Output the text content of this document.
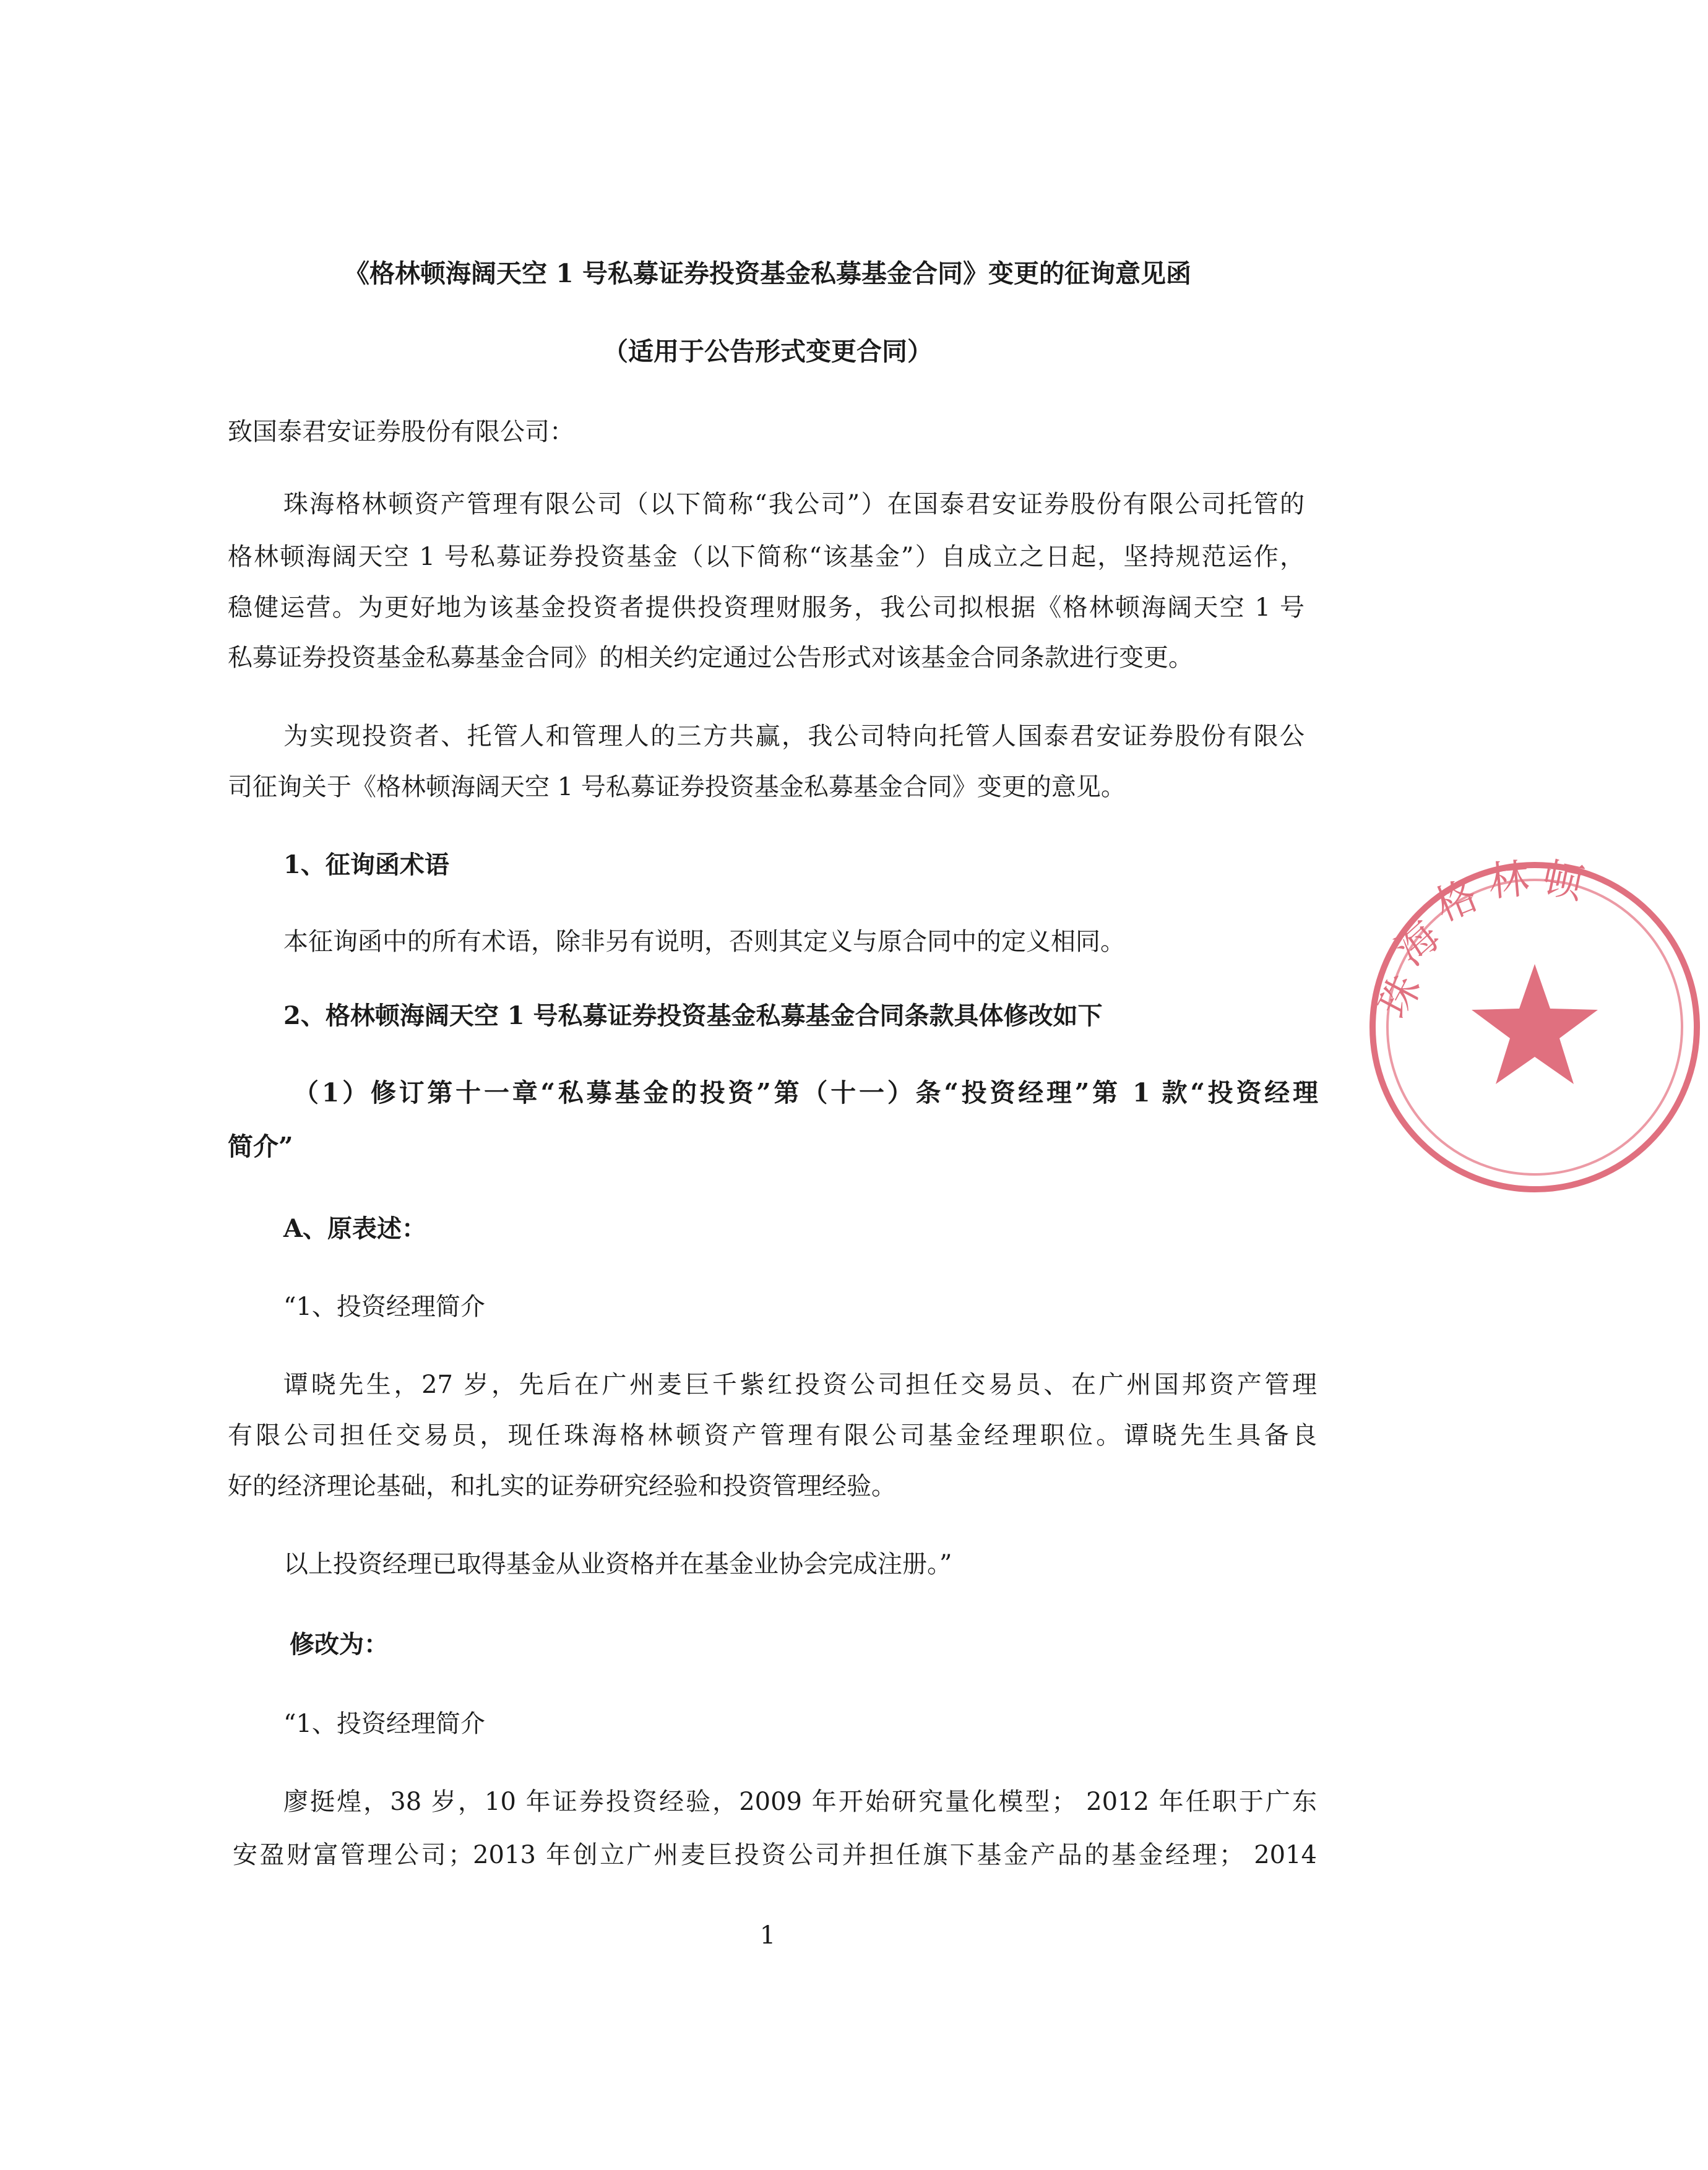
《格林顿海阔天空 1 号私募证券投资基金私募基金合同》变更的征询意见函
（适用于公告形式变更合同）
致国泰君安证券股份有限公司：
珠海格林顿资产管理有限公司（以下简称“我公司”）在国泰君安证券股份有限公司托管的
格林顿海阔天空 1 号私募证券投资基金（以下简称“该基金”）自成立之日起，坚持规范运作，
稳健运营。为更好地为该基金投资者提供投资理财服务，我公司拟根据《格林顿海阔天空 1 号
私募证券投资基金私募基金合同》的相关约定通过公告形式对该基金合同条款进行变更。
为实现投资者、托管人和管理人的三方共赢，我公司特向托管人国泰君安证券股份有限公
司征询关于《格林顿海阔天空 1 号私募证券投资基金私募基金合同》变更的意见。
1、征询函术语
本征询函中的所有术语，除非另有说明，否则其定义与原合同中的定义相同。
2、格林顿海阔天空 1 号私募证券投资基金私募基金合同条款具体修改如下
（1）修订第十一章“私募基金的投资”第（十一）条“投资经理”第 1 款“投资经理
简介”
A、原表述：
“1、投资经理简介
谭晓先生，27 岁，先后在广州麦巨千紫红投资公司担任交易员、在广州国邦资产管理
有限公司担任交易员，现任珠海格林顿资产管理有限公司基金经理职位。谭晓先生具备良
好的经济理论基础，和扎实的证券研究经验和投资管理经验。
以上投资经理已取得基金从业资格并在基金业协会完成注册。”
修改为：
“1、投资经理简介
廖挺煌，38 岁，10 年证券投资经验，2009 年开始研究量化模型； 2012 年任职于广东
安盈财富管理公司；2013 年创立广州麦巨投资公司并担任旗下基金产品的基金经理； 2014
1
珠
海
格 林 顿
